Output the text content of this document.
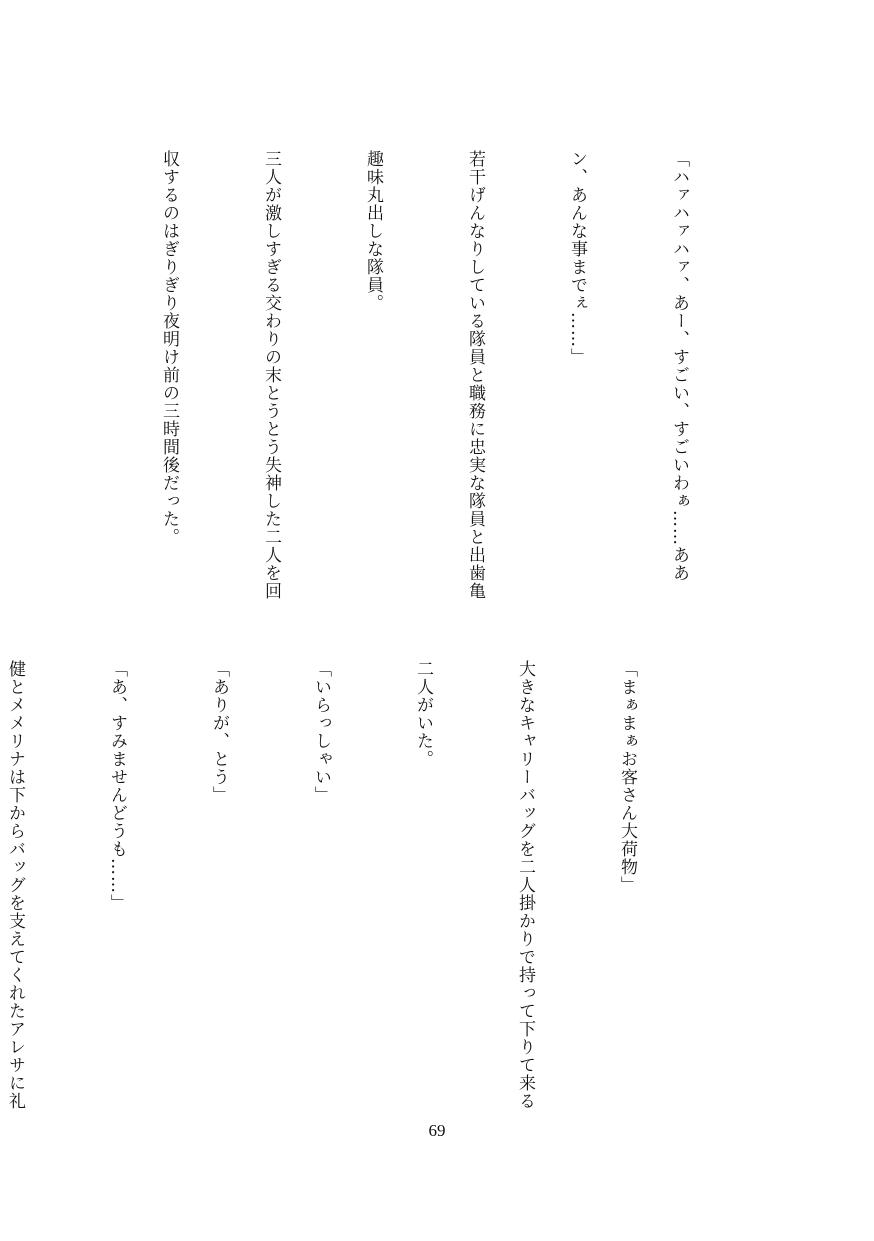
「ハァハァハァ、あー、すごい、すごいわぁ……ああ

ン、あんな事までぇ……」

若干げんなりしている隊員と職務に忠実な隊員と出歯亀

趣味丸出しな隊員。

三人が激しすぎる交わりの末とうとう失神した二人を回

収するのはぎりぎり夜明け前の三時間後だった。

「まぁまぁお客さん大荷物」

大きなキャリーバッグを二人掛かりで持って下りて来る

二人がいた。

「いらっしゃい」

「ありが、とう」

「あ、すみませんどうも……」

健とメメリナは下からバッグを支えてくれたアレサに礼

69
